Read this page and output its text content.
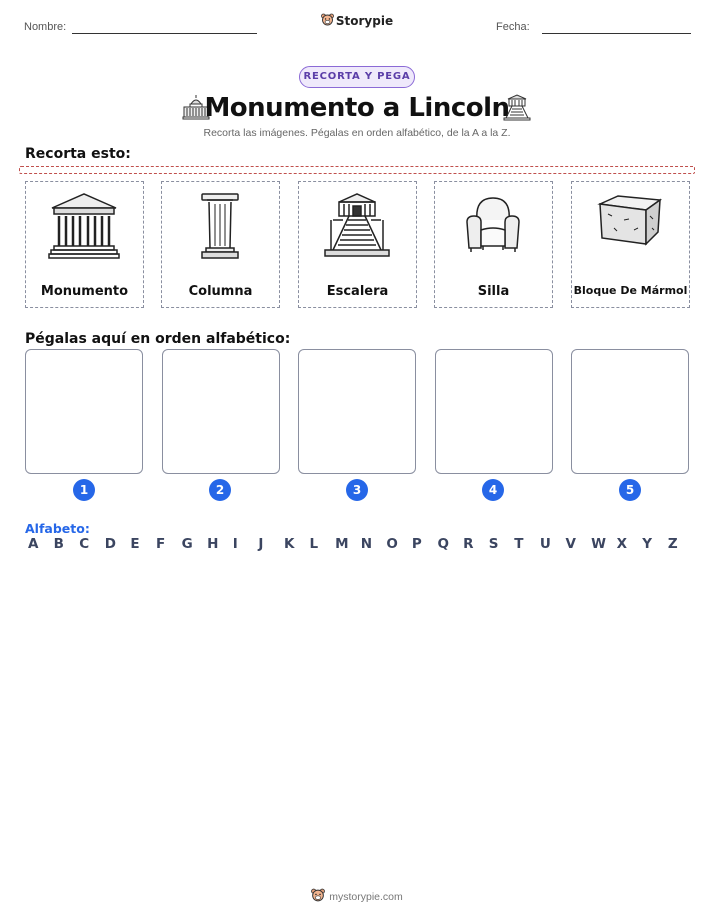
Nombre:	Storypie	Fecha:
RECORTA Y PEGA
Monumento a Lincoln
Recorta las imágenes. Pégalas en orden alfabético, de la A a la Z.
Recorta esto:
Monumento	Columna	Escalera	Silla	Bloque De Mármol
Pégalas aquí en orden alfabético:
1	2	3	4	5
Alfabeto:
A B C D E F G H I J K L M N O P Q R S T U V W X Y Z
mystorypie.com
